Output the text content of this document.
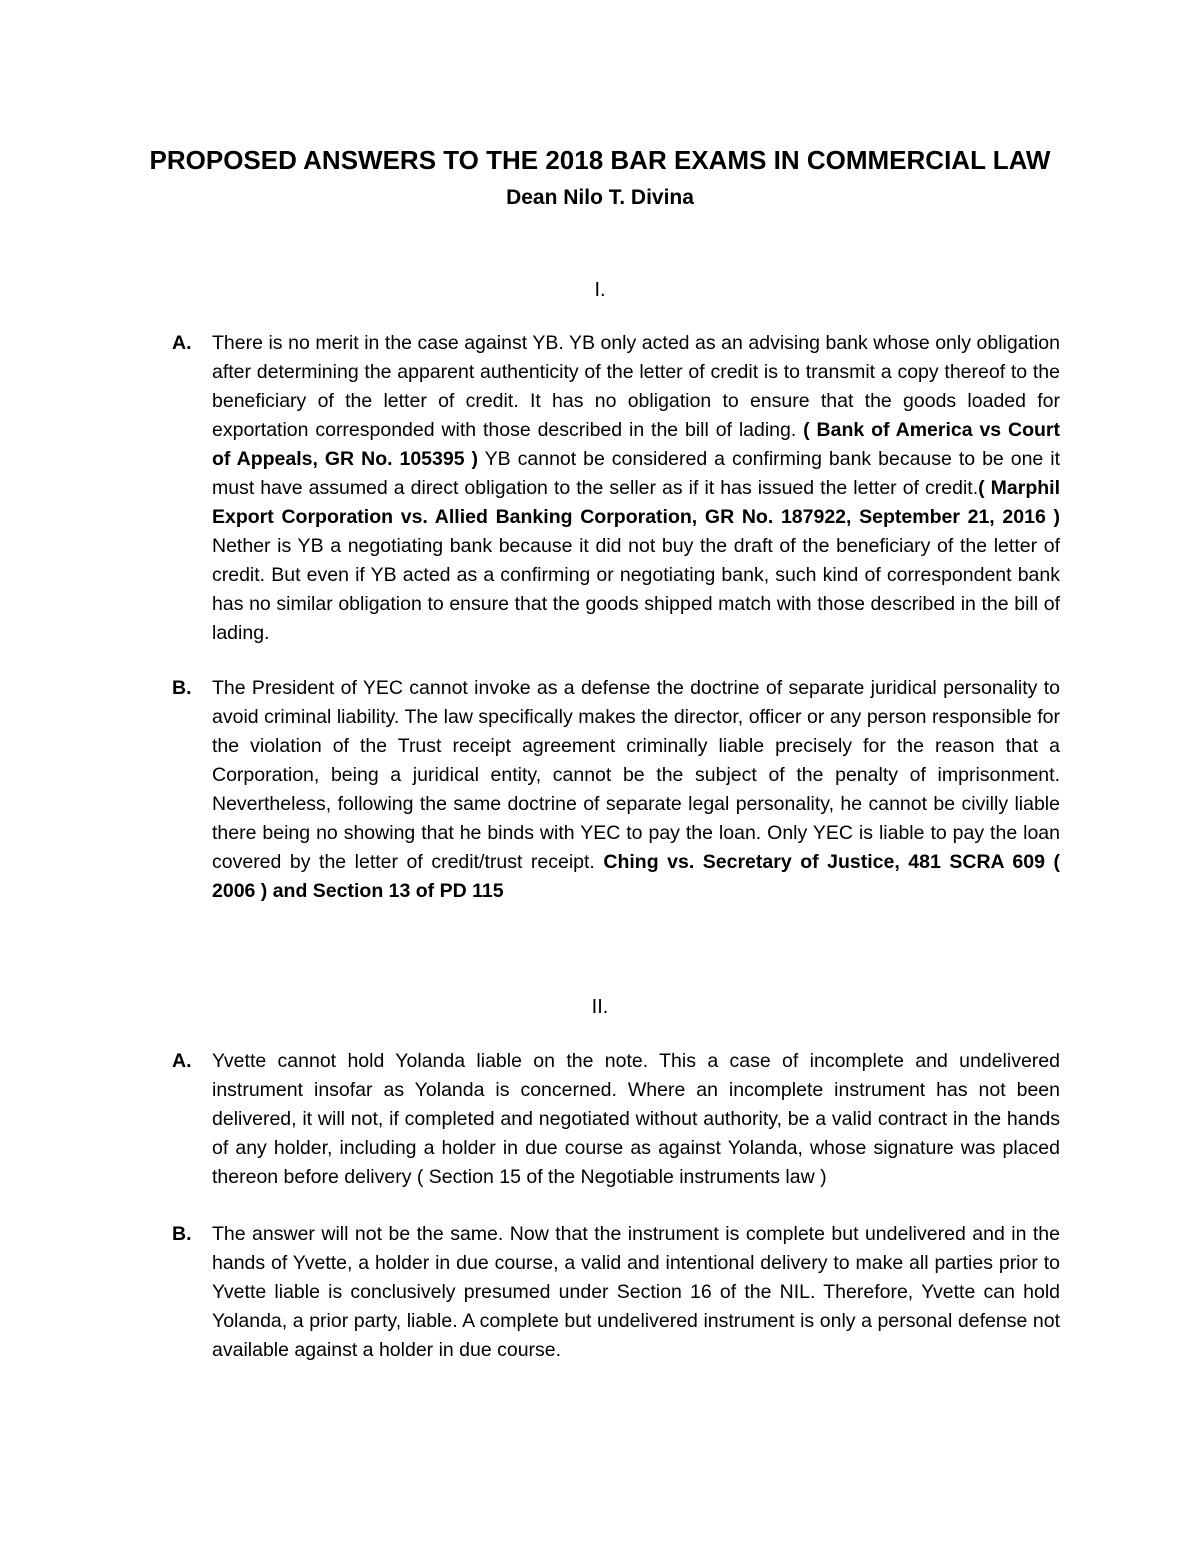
PROPOSED ANSWERS TO THE 2018 BAR EXAMS IN COMMERCIAL LAW
Dean Nilo T. Divina
I.
A. There is no merit in the case against YB. YB only acted as an advising bank whose only obligation after determining the apparent authenticity of the letter of credit is to transmit a copy thereof to the beneficiary of the letter of credit. It has no obligation to ensure that the goods loaded for exportation corresponded with those described in the bill of lading. ( Bank of America vs Court of Appeals, GR No. 105395 ) YB cannot be considered a confirming bank because to be one it must have assumed a direct obligation to the seller as if it has issued the letter of credit.( Marphil Export Corporation vs. Allied Banking Corporation, GR No. 187922, September 21, 2016 ) Nether is YB a negotiating bank because it did not buy the draft of the beneficiary of the letter of credit. But even if YB acted as a confirming or negotiating bank, such kind of correspondent bank has no similar obligation to ensure that the goods shipped match with those described in the bill of lading.
B. The President of YEC cannot invoke as a defense the doctrine of separate juridical personality to avoid criminal liability. The law specifically makes the director, officer or any person responsible for the violation of the Trust receipt agreement criminally liable precisely for the reason that a Corporation, being a juridical entity, cannot be the subject of the penalty of imprisonment. Nevertheless, following the same doctrine of separate legal personality, he cannot be civilly liable there being no showing that he binds with YEC to pay the loan. Only YEC is liable to pay the loan covered by the letter of credit/trust receipt. Ching vs. Secretary of Justice, 481 SCRA 609 ( 2006 ) and Section 13 of PD 115
II.
A. Yvette cannot hold Yolanda liable on the note. This a case of incomplete and undelivered instrument insofar as Yolanda is concerned. Where an incomplete instrument has not been delivered, it will not, if completed and negotiated without authority, be a valid contract in the hands of any holder, including a holder in due course as against Yolanda, whose signature was placed thereon before delivery ( Section 15 of the Negotiable instruments law )
B. The answer will not be the same. Now that the instrument is complete but undelivered and in the hands of Yvette, a holder in due course, a valid and intentional delivery to make all parties prior to Yvette liable is conclusively presumed under Section 16 of the NIL. Therefore, Yvette can hold Yolanda, a prior party, liable. A complete but undelivered instrument is only a personal defense not available against a holder in due course.
